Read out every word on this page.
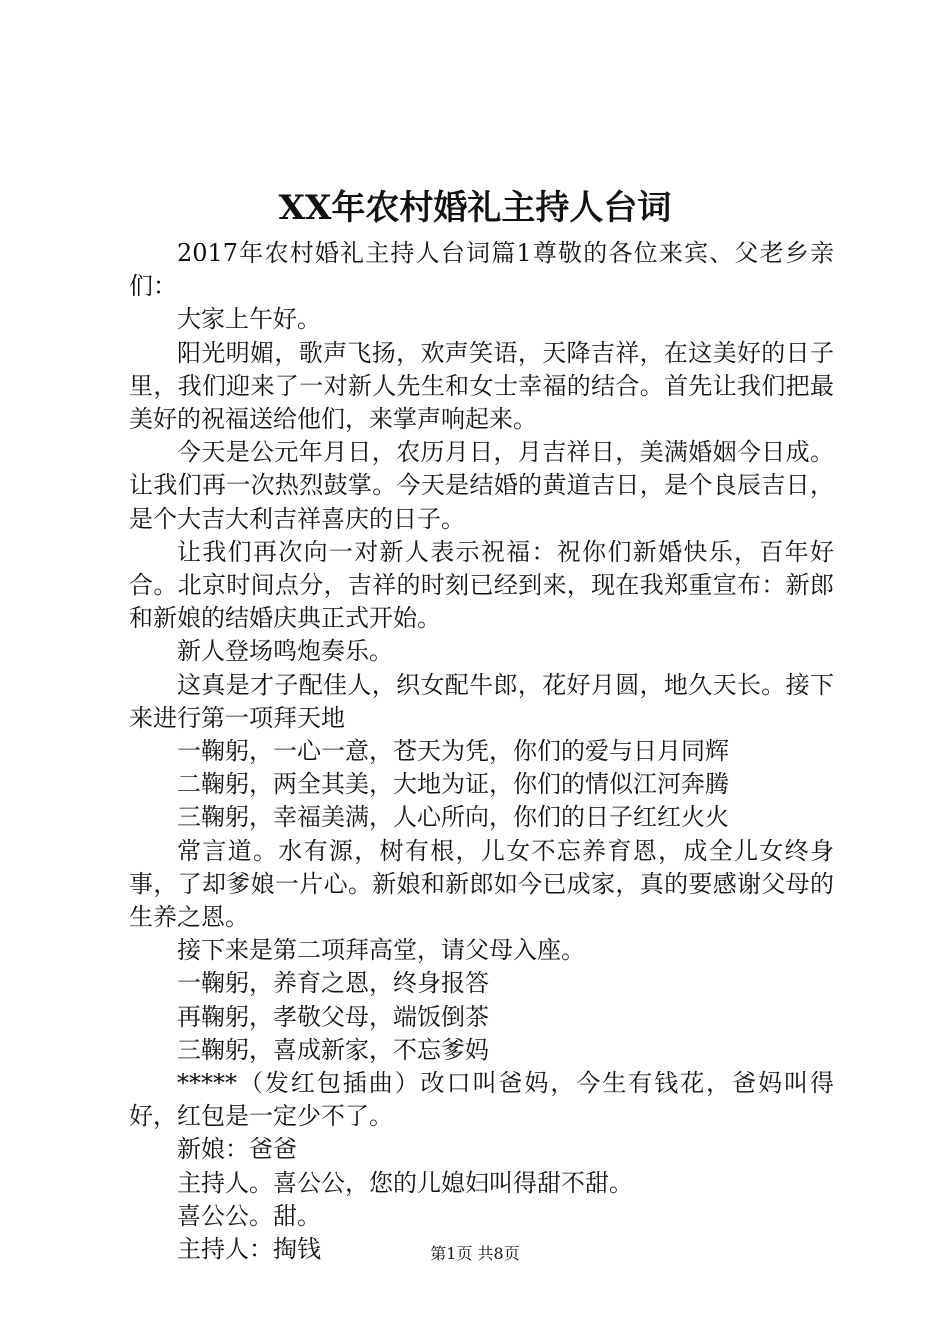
XX年农村婚礼主持人台词

2017年农村婚礼主持人台词篇1尊敬的各位来宾、父老乡亲们：

大家上午好。

阳光明媚，歌声飞扬，欢声笑语，天降吉祥，在这美好的日子里，我们迎来了一对新人先生和女士幸福的结合。首先让我们把最美好的祝福送给他们，来掌声响起来。

今天是公元年月日，农历月日，月吉祥日，美满婚姻今日成。让我们再一次热烈鼓掌。今天是结婚的黄道吉日，是个良辰吉日，是个大吉大利吉祥喜庆的日子。

让我们再次向一对新人表示祝福：祝你们新婚快乐，百年好合。北京时间点分，吉祥的时刻已经到来，现在我郑重宣布：新郎和新娘的结婚庆典正式开始。

新人登场鸣炮奏乐。

这真是才子配佳人，织女配牛郎，花好月圆，地久天长。接下来进行第一项拜天地

一鞠躬，一心一意，苍天为凭，你们的爱与日月同辉

二鞠躬，两全其美，大地为证，你们的情似江河奔腾

三鞠躬，幸福美满，人心所向，你们的日子红红火火

常言道。水有源，树有根，儿女不忘养育恩，成全儿女终身事，了却爹娘一片心。新娘和新郎如今已成家，真的要感谢父母的生养之恩。

接下来是第二项拜高堂，请父母入座。

一鞠躬，养育之恩，终身报答

再鞠躬，孝敬父母，端饭倒茶

三鞠躬，喜成新家，不忘爹妈

*****（发红包插曲）改口叫爸妈，今生有钱花，爸妈叫得好，红包是一定少不了。

新娘：爸爸

主持人。喜公公，您的儿媳妇叫得甜不甜。

喜公公。甜。

主持人：掏钱	第1页 共8页
